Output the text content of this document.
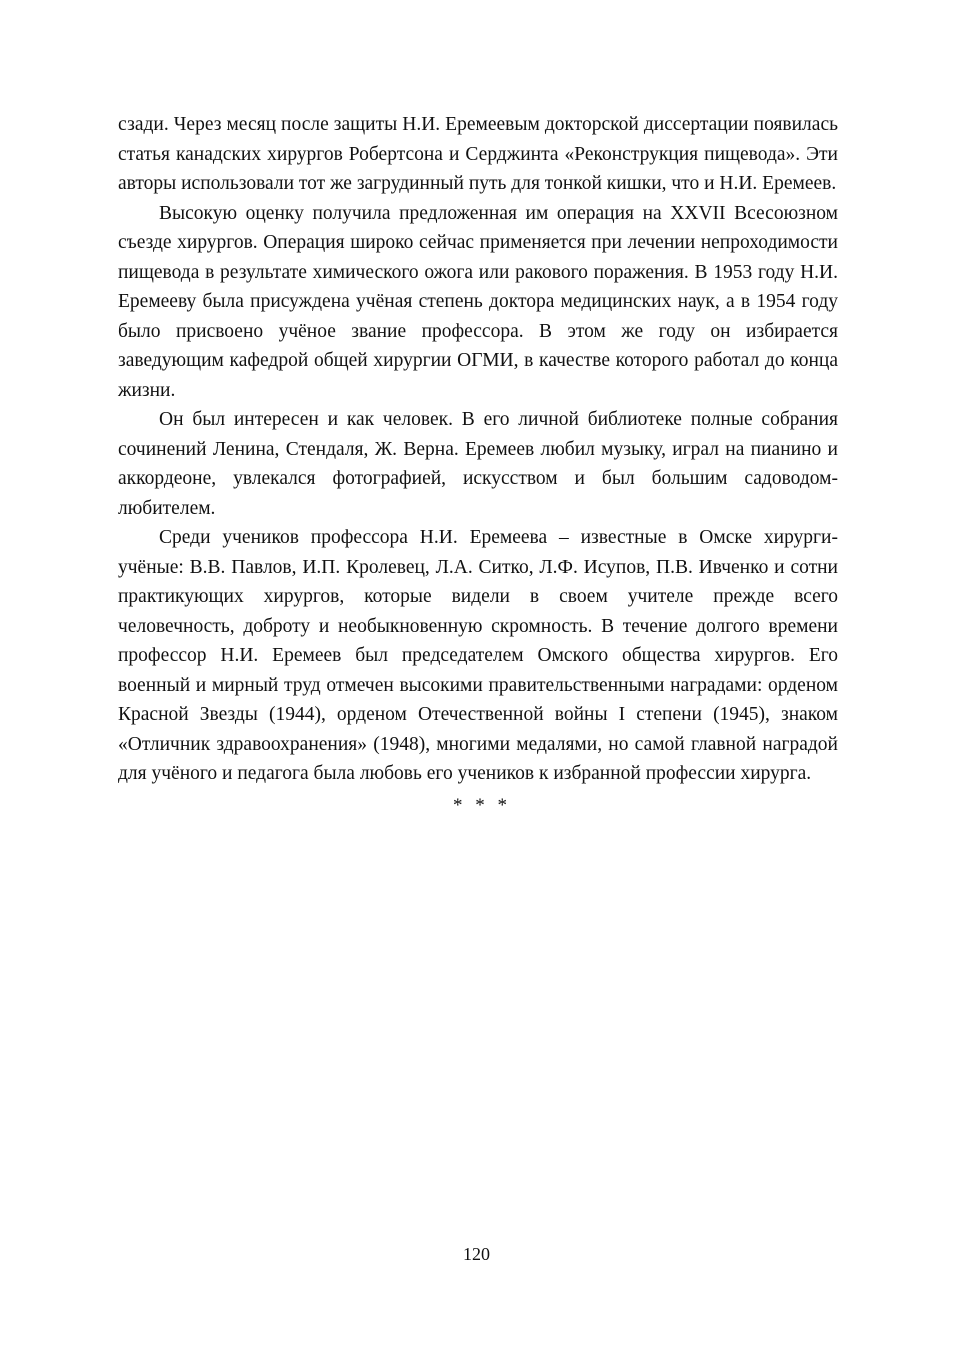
сзади. Через месяц после защиты Н.И. Еремеевым докторской диссертации появилась статья канадских хирургов Робертсона и Серджинта «Реконструкция пищевода». Эти авторы использовали тот же загрудинный путь для тонкой кишки, что и Н.И. Еремеев.

Высокую оценку получила предложенная им операция на XXVII Всесоюзном съезде хирургов. Операция широко сейчас применяется при лечении непроходимости пищевода в результате химического ожога или ракового поражения. В 1953 году Н.И. Еремееву была присуждена учёная степень доктора медицинских наук, а в 1954 году было присвоено учёное звание профессора. В этом же году он избирается заведующим кафедрой общей хирургии ОГМИ, в качестве которого работал до конца жизни.

Он был интересен и как человек. В его личной библиотеке полные собрания сочинений Ленина, Стендаля, Ж. Верна. Еремеев любил музыку, играл на пианино и аккордеоне, увлекался фотографией, искусством и был большим садоводом-любителем.

Среди учеников профессора Н.И. Еремеева – известные в Омске хирурги-учёные: В.В. Павлов, И.П. Кролевец, Л.А. Ситко, Л.Ф. Исупов, П.В. Ивченко и сотни практикующих хирургов, которые видели в своем учителе прежде всего человечность, доброту и необыкновенную скромность. В течение долгого времени профессор Н.И. Еремеев был председателем Омского общества хирургов. Его военный и мирный труд отмечен высокими правительственными наградами: орденом Красной Звезды (1944), орденом Отечественной войны I степени (1945), знаком «Отличник здравоохранения» (1948), многими медалями, но самой главной наградой для учёного и педагога была любовь его учеников к избранной профессии хирурга.

* * *
120
